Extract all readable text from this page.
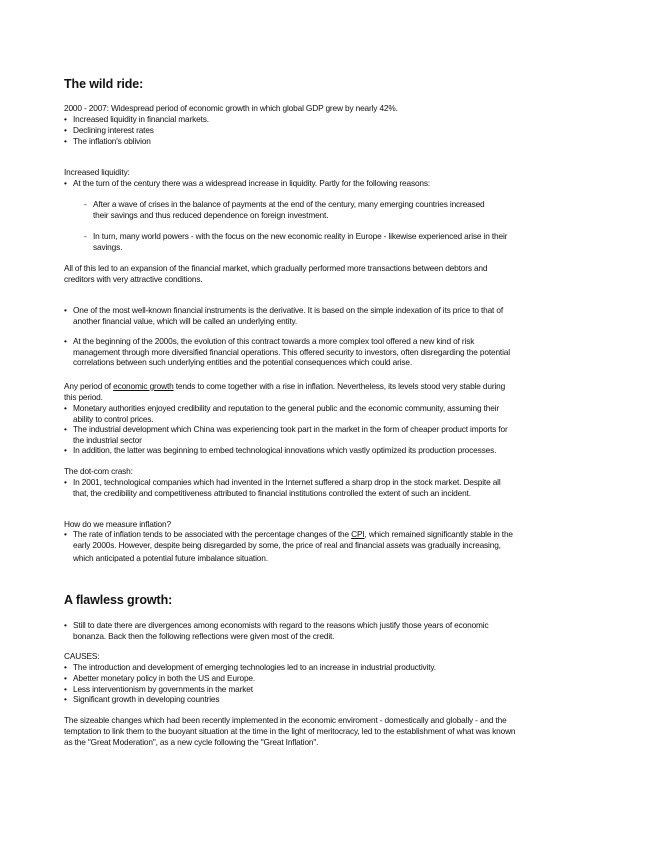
The wild ride:
2000 - 2007: Widespread period of economic growth in which global GDP grew by nearly 42%.
• Increased liquidity in financial markets.
• Declining interest rates
• The inflation's oblivion
Increased liquidity:
• At the turn of the century there was a widespread increase in liquidity. Partly for the following reasons:
- After a wave of crises in the balance of payments at the end of the century, many emerging countries increased
their savings and thus reduced dependence on foreign investment.
- In turn, many world powers - with the focus on the new economic reality in Europe - likewise experienced arise in their
savings.
All of this led to an expansion of the financial market, which gradually performed more transactions between debtors and
creditors with very attractive conditions.
• One of the most well-known financial instruments is the derivative. It is based on the simple indexation of its price to that of
another financial value, which will be called an underlying entity.
• At the beginning of the 2000s, the evolution of this contract towards a more complex tool offered a new kind of risk
management through more diversified financial operations. This offered security to investors, often disregarding the potential
correlations between such underlying entities and the potential consequences which could arise.
Any period of economic growth tends to come together with a rise in inflation. Nevertheless, its levels stood very stable during
this period.
• Monetary authorities enjoyed credibility and reputation to the general public and the economic community, assuming their
ability to control prices.
• The industrial development which China was experiencing took part in the market in the form of cheaper product imports for
the industrial sector
• In addition, the latter was beginning to embed technological innovations which vastly optimized its production processes.
The dot-com crash:
• In 2001, technological companies which had invented in the Internet suffered a sharp drop in the stock market. Despite all
that, the credibility and competitiveness attributed to financial institutions controlled the extent of such an incident.
How do we measure inflation?
• The rate of inflation tends to be associated with the percentage changes of the CPI, which remained significantly stable in the
early 2000s. However, despite being disregarded by some, the price of real and financial assets was gradually increasing,
which anticipated a potential future imbalance situation.
A flawless growth:
• Still to date there are divergences among economists with regard to the reasons which justify those years of economic
bonanza. Back then the following reflections were given most of the credit.
CAUSES:
• The introduction and development of emerging technologies led to an increase in industrial productivity.
• Abetter monetary policy in both the US and Europe.
• Less interventionism by governments in the market
• Significant growth in developing countries
The sizeable changes which had been recently implemented in the economic enviroment - domestically and globally - and the
temptation to link them to the buoyant situation at the time in the light of meritocracy, led to the establishment of what was known
as the "Great Moderation", as a new cycle following the "Great Inflation".
